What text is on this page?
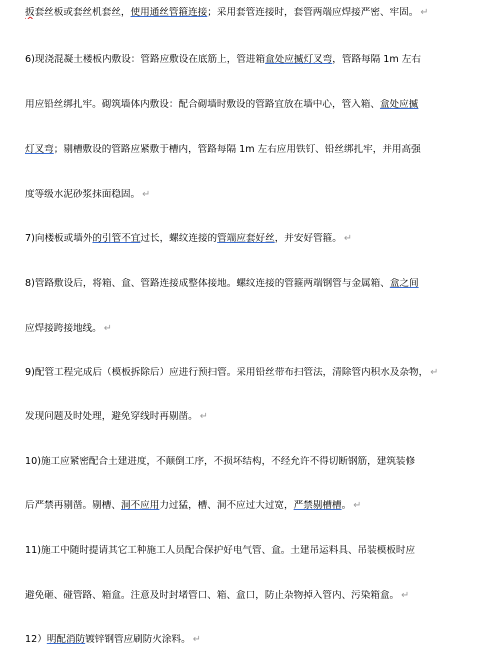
扳套丝板或套丝机套丝，使用通丝管箍连接；采用套管连接时，套管两端应焊接严密、牢固。 ↵
6)现浇混凝土楼板内敷设：管路应敷设在底筋上，管进箱盒处应揻灯叉弯，管路每隔 1m 左右
用应铅丝绑扎牢。砌筑墙体内敷设：配合砌墙时敷设的管路宜放在墙中心，管入箱、盒处应揻
灯叉弯；剔槽敷设的管路应紧敷于槽内，管路每隔 1m 左右应用铁钉、铅丝绑扎牢，并用高强
度等级水泥砂浆抹面稳固。 ↵
7)向楼板或墙外的引管不宜过长，螺纹连接的管端应套好丝，并安好管箍。 ↵
8)管路敷设后，将箱、盒、管路连接成整体接地。螺纹连接的管箍两端钢管与金属箱、盒之间
应焊接跨接地线。 ↵
9)配管工程完成后（模板拆除后）应进行预扫管。采用铅丝带布扫管法，清除管内积水及杂物， ↵
发现问题及时处理，避免穿线时再剔凿。 ↵
10)施工应紧密配合土建进度，不颠倒工序，不损坏结构，不经允许不得切断钢筋，建筑装修
后严禁再剔凿。剔槽、洞不应用力过猛，槽、洞不应过大过宽，严禁剔槽槽。 ↵
11)施工中随时提请其它工种施工人员配合保护好电气管、盒。土建吊运料具、吊装模板时应
避免砸、碰管路、箱盒。注意及时封堵管口、箱、盒口，防止杂物掉入管内、污染箱盒。 ↵
12）明配消防镀锌钢管应刷防火涂料。 ↵
